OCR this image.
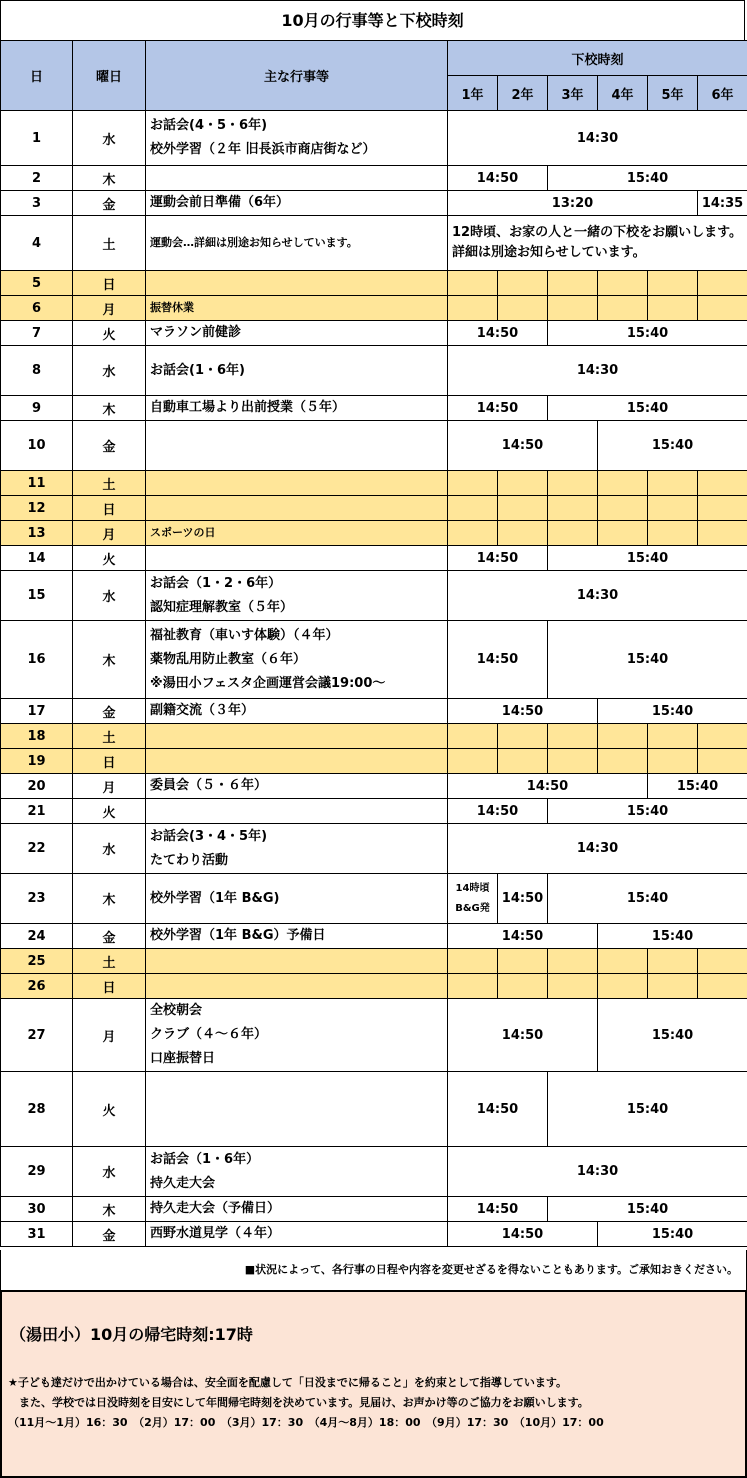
10月の行事等と下校時刻
日	曜日	主な行事等	下校時刻					
			1年	2年	3年	4年	5年	6年
1	水	お話会(4・5・6年)
校外学習（２年 旧長浜市商店街など）	14:30					
2	木		14:50		15:40			
3	金	運動会前日準備（6年）	13:20					14:35
4	土	運動会…詳細は別途お知らせしています。	12時頃、お家の人と一緒の下校をお願いします。
詳細は別途お知らせしています。					

5	日	

6	月	振替休業						

7	火	マラソン前健診	14:50		15:40			
8	水	お話会(1・6年)	14:30					
9	木	自動車工場より出前授業（５年）	14:50		15:40			
10	金		14:50			15:40		
11	土	

12	日	

13	月	スポーツの日						

14	火		14:50		15:40			
15	水	お話会（1・2・6年）
認知症理解教室（５年）	14:30					
16	木	福祉教育（車いす体験）（４年）
薬物乱用防止教室（６年）
※湯田小フェスタ企画運営会議19:00～	14:50		15:40			
17	金	副籍交流（３年）	14:50			15:40		
18	土	

19	日	

20	月	委員会（５・６年）	14:50				15:40	
21	火		14:50		15:40			
22	水	お話会(3・4・5年)
たてわり活動	14:30					
23	木	校外学習（1年 B&G)	14時頃
B&G発	14:50	15:40			
24	金	校外学習（1年 B&G）予備日	14:50			15:40		
25	土	

26	日	

27	月	全校朝会
クラブ（４～６年）
口座振替日	14:50			15:40		
28	火		14:50		15:40			
29	水	お話会（1・6年）
持久走大会	14:30					
30	木	持久走大会（予備日）	14:50		15:40			
31	金	西野水道見学（４年）	14:50			15:40		
■状況によって、各行事の日程や内容を変更せざるを得ないこともあります。ご承知おきください。
（湯田小）10月の帰宅時刻:17時
★子ども達だけで出かけている場合は、安全面を配慮して「日没までに帰ること」を約束として指導しています。
　また、学校では日没時刻を目安にして年間帰宅時刻を決めています。見届け、お声かけ等のご協力をお願いします。
（11月～1月）16：30　（2月）17：00　（3月）17：30　（4月～8月）18：00　（9月）17：30　（10月）17：00
